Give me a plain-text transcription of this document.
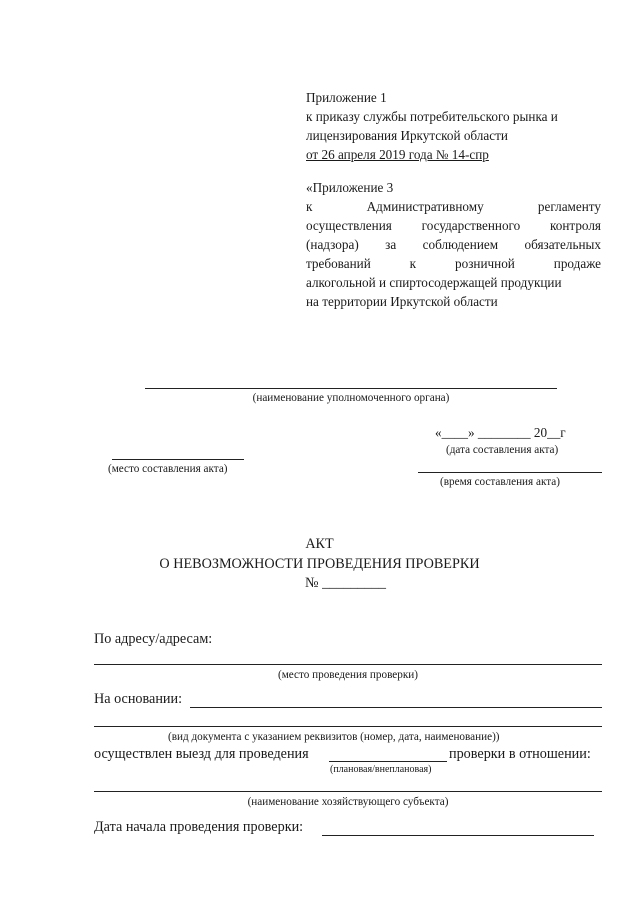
Приложение 1
к приказу службы потребительского рынка и
лицензирования Иркутской области
от 26 апреля 2019 года № 14-спр
«Приложение 3
к Административному регламенту
осуществления государственного контроля
(надзора) за соблюдением обязательных
требований к розничной продаже
алкогольной и спиртосодержащей продукции
на территории Иркутской области
(наименование уполномоченного органа)
«____» ________ 20__г
(дата составления акта)
(место составления акта)
(время составления акта)
АКТ
О НЕВОЗМОЖНОСТИ ПРОВЕДЕНИЯ ПРОВЕРКИ
№ _________
По адресу/адресам:
(место проведения проверки)
На основании:
(вид документа с указанием реквизитов (номер, дата, наименование))
осуществлен выезд для проведения	проверки в отношении:
(плановая/внеплановая)
(наименование хозяйствующего субъекта)
Дата начала проведения проверки:
